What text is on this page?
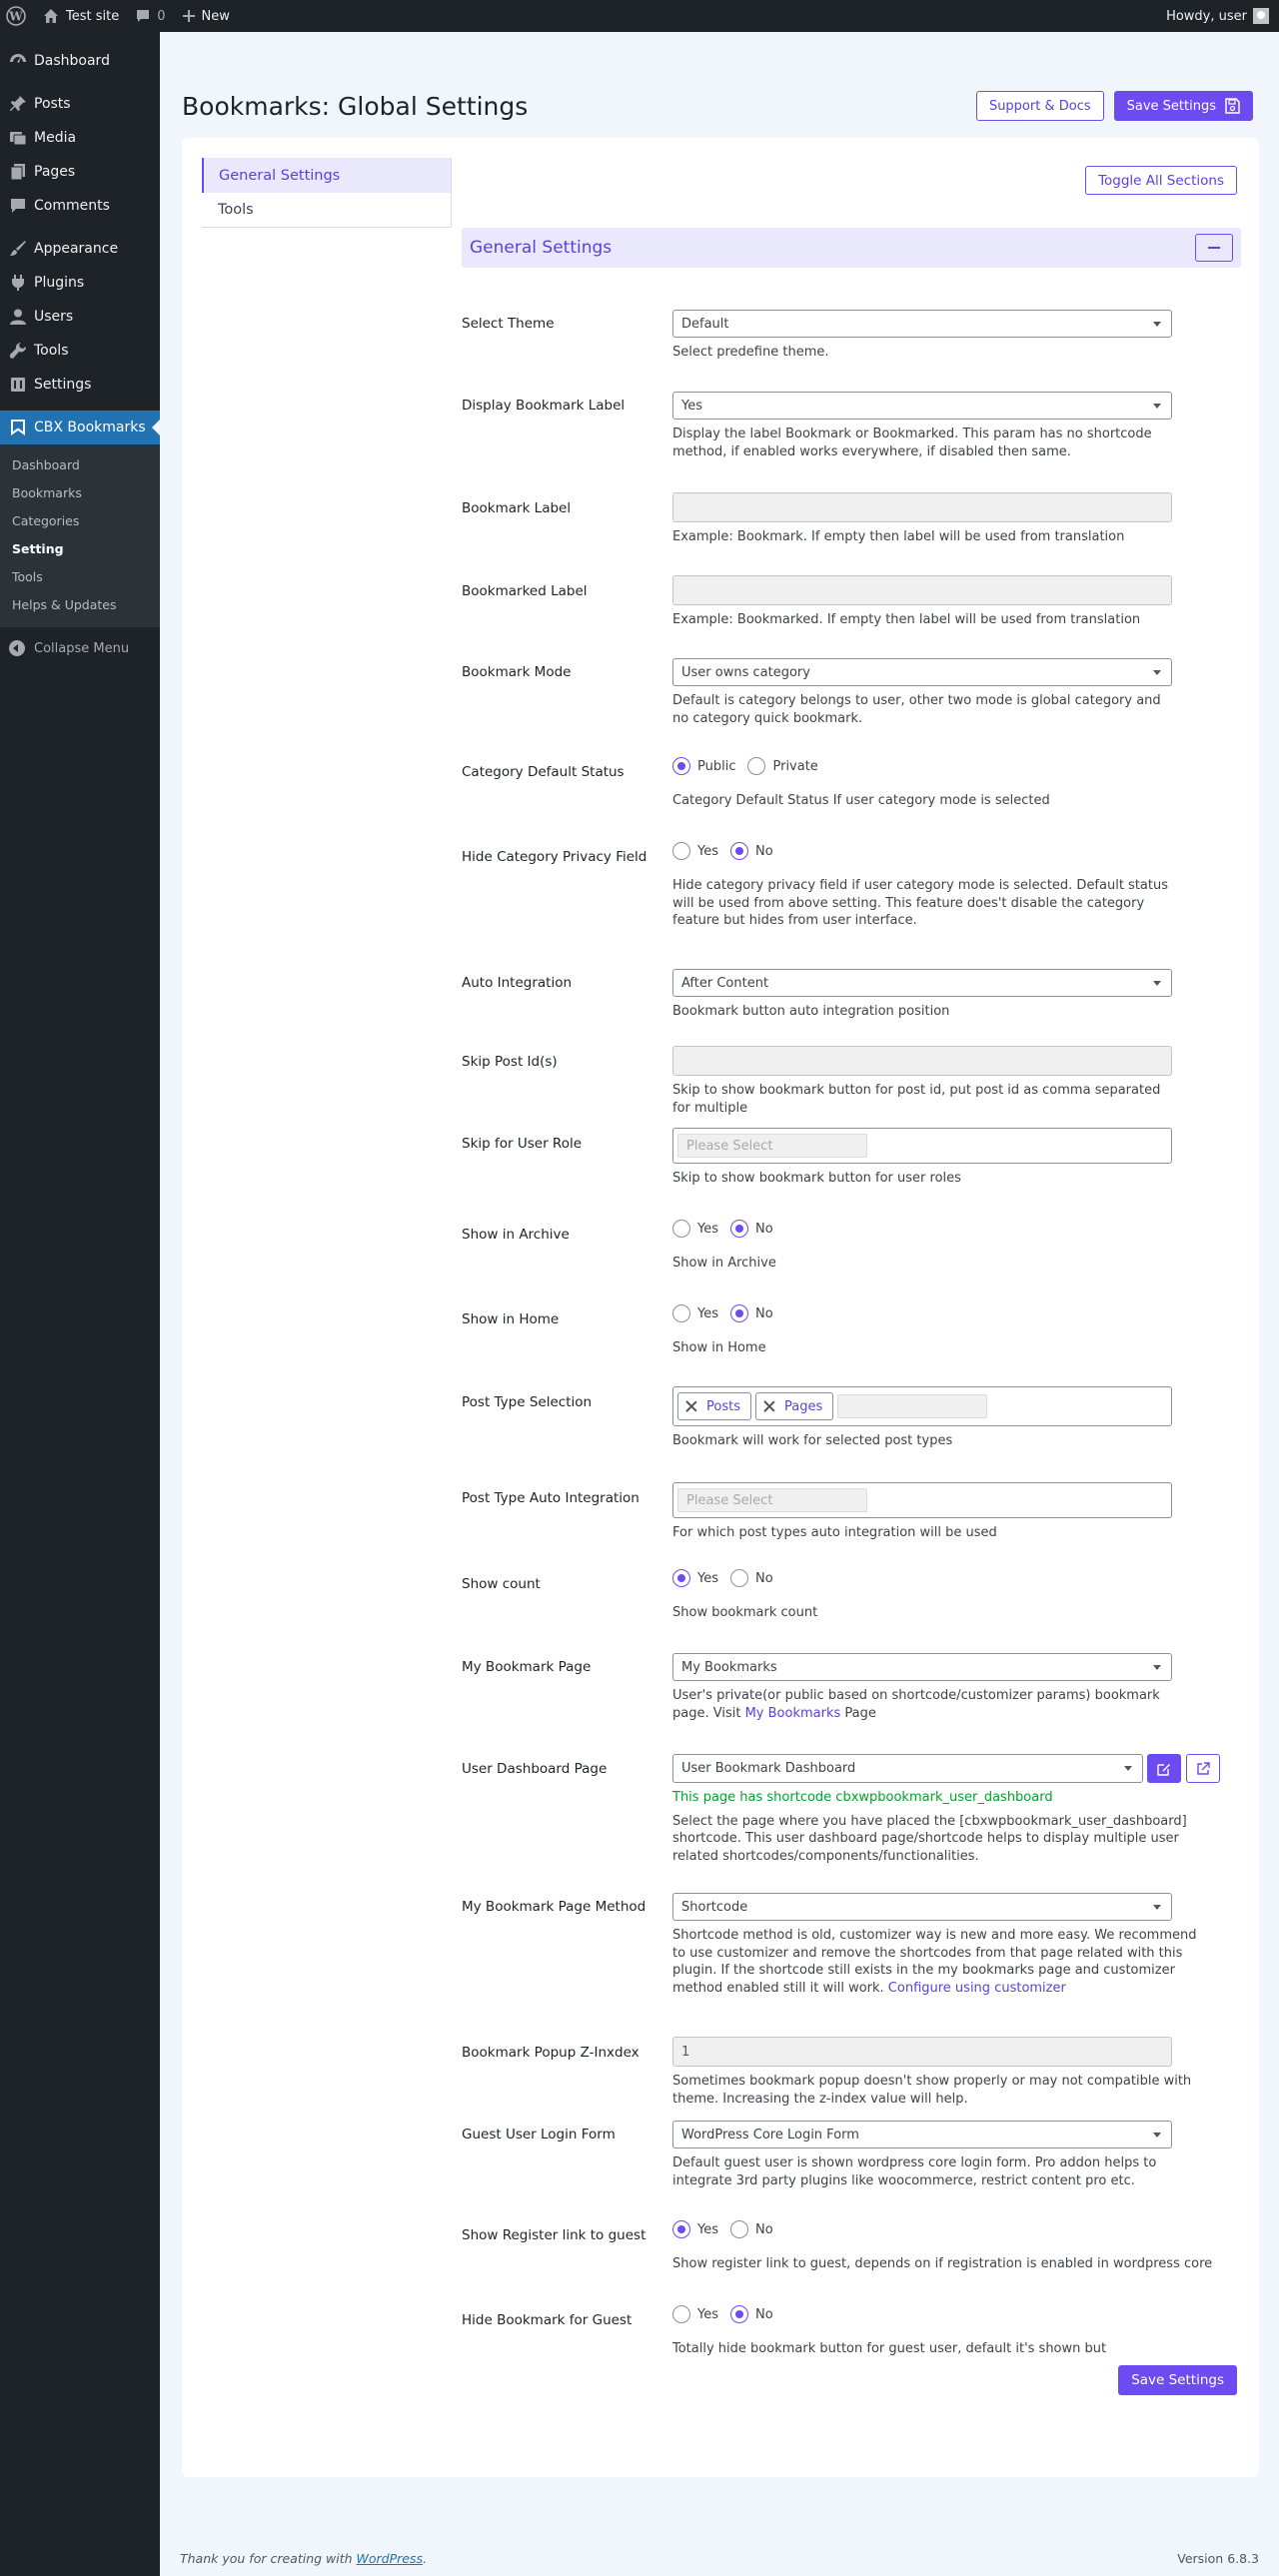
W	Test site	0	New	Howdy, user
Dashboard
Posts
Media
Pages
Comments
Appearance
Plugins
Users
Tools
Settings
CBX Bookmarks
Dashboard
Bookmarks
Categories
Setting
Tools
Helps & Updates
Collapse Menu
Bookmarks: Global Settings	Support & Docs	Save Settings
General Settings
Tools
Toggle All Sections
General Settings
Select Theme	Default
Select predefine theme.
Display Bookmark Label	Yes
Display the label Bookmark or Bookmarked. This param has no shortcode method, if enabled works everywhere, if disabled then same.
Bookmark Label
Example: Bookmark. If empty then label will be used from translation
Bookmarked Label
Example: Bookmarked. If empty then label will be used from translation
Bookmark Mode	User owns category
Default is category belongs to user, other two mode is global category and no category quick bookmark.
Category Default Status	Public	Private
Category Default Status If user category mode is selected
Hide Category Privacy Field	Yes	No
Hide category privacy field if user category mode is selected. Default status will be used from above setting. This feature does't disable the category feature but hides from user interface.
Auto Integration	After Content
Bookmark button auto integration position
Skip Post Id(s)
Skip to show bookmark button for post id, put post id as comma separated for multiple
Skip for User Role	Please Select
Skip to show bookmark button for user roles
Show in Archive	Yes	No
Show in Archive
Show in Home	Yes	No
Show in Home
Post Type Selection	Posts	Pages
Bookmark will work for selected post types
Post Type Auto Integration	Please Select
For which post types auto integration will be used
Show count	Yes	No
Show bookmark count
My Bookmark Page	My Bookmarks
User's private(or public based on shortcode/customizer params) bookmark page. Visit My Bookmarks Page
User Dashboard Page	User Bookmark Dashboard
This page has shortcode cbxwpbookmark_user_dashboard
Select the page where you have placed the [cbxwpbookmark_user_dashboard] shortcode. This user dashboard page/shortcode helps to display multiple user related shortcodes/components/functionalities.
My Bookmark Page Method	Shortcode
Shortcode method is old, customizer way is new and more easy. We recommend to use customizer and remove the shortcodes from that page related with this plugin. If the shortcode still exists in the my bookmarks page and customizer method enabled still it will work. Configure using customizer
Bookmark Popup Z-Inxdex	1
Sometimes bookmark popup doesn't show properly or may not compatible with theme. Increasing the z-index value will help.
Guest User Login Form	WordPress Core Login Form
Default guest user is shown wordpress core login form. Pro addon helps to integrate 3rd party plugins like woocommerce, restrict content pro etc.
Show Register link to guest	Yes	No
Show register link to guest, depends on if registration is enabled in wordpress core
Hide Bookmark for Guest	Yes	No
Totally hide bookmark button for guest user, default it's shown but
Save Settings
Thank you for creating with WordPress.	Version 6.8.3
